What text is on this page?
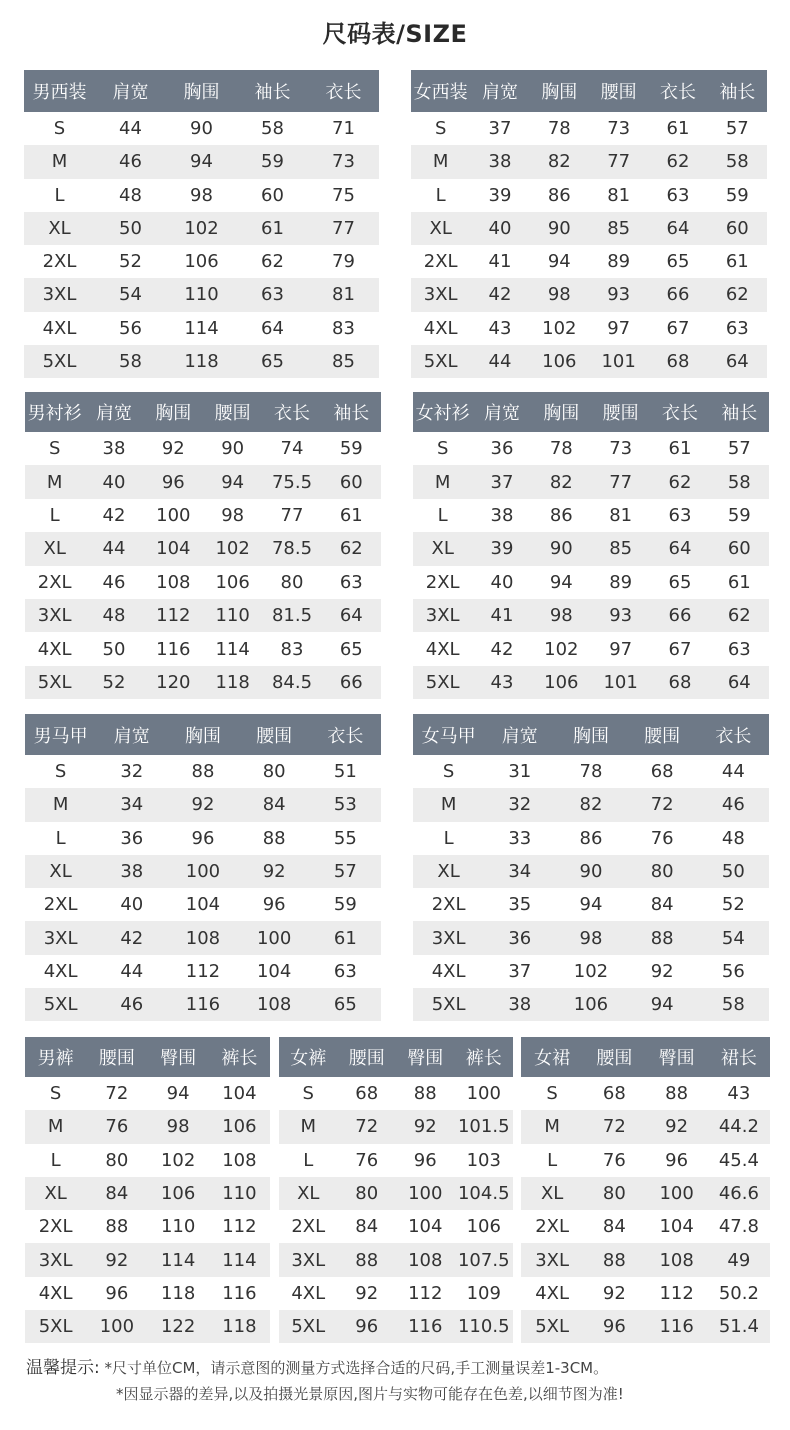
尺码表/SIZE
男西装	肩宽	胸围	袖长	衣长
S	44	90	58	71
M	46	94	59	73
L	48	98	60	75
XL	50	102	61	77
2XL	52	106	62	79
3XL	54	110	63	81
4XL	56	114	64	83
5XL	58	118	65	85
女西装	肩宽	胸围	腰围	衣长	袖长
S	37	78	73	61	57
M	38	82	77	62	58
L	39	86	81	63	59
XL	40	90	85	64	60
2XL	41	94	89	65	61
3XL	42	98	93	66	62
4XL	43	102	97	67	63
5XL	44	106	101	68	64
男衬衫	肩宽	胸围	腰围	衣长	袖长
S	38	92	90	74	59
M	40	96	94	75.5	60
L	42	100	98	77	61
XL	44	104	102	78.5	62
2XL	46	108	106	80	63
3XL	48	112	110	81.5	64
4XL	50	116	114	83	65
5XL	52	120	118	84.5	66
女衬衫	肩宽	胸围	腰围	衣长	袖长
S	36	78	73	61	57
M	37	82	77	62	58
L	38	86	81	63	59
XL	39	90	85	64	60
2XL	40	94	89	65	61
3XL	41	98	93	66	62
4XL	42	102	97	67	63
5XL	43	106	101	68	64
男马甲	肩宽	胸围	腰围	衣长
S	32	88	80	51
M	34	92	84	53
L	36	96	88	55
XL	38	100	92	57
2XL	40	104	96	59
3XL	42	108	100	61
4XL	44	112	104	63
5XL	46	116	108	65
女马甲	肩宽	胸围	腰围	衣长
S	31	78	68	44
M	32	82	72	46
L	33	86	76	48
XL	34	90	80	50
2XL	35	94	84	52
3XL	36	98	88	54
4XL	37	102	92	56
5XL	38	106	94	58
男裤	腰围	臀围	裤长
S	72	94	104
M	76	98	106
L	80	102	108
XL	84	106	110
2XL	88	110	112
3XL	92	114	114
4XL	96	118	116
5XL	100	122	118
女裤	腰围	臀围	裤长
S	68	88	100
M	72	92	101.5
L	76	96	103
XL	80	100	104.5
2XL	84	104	106
3XL	88	108	107.5
4XL	92	112	109
5XL	96	116	110.5
女裙	腰围	臀围	裙长
S	68	88	43
M	72	92	44.2
L	76	96	45.4
XL	80	100	46.6
2XL	84	104	47.8
3XL	88	108	49
4XL	92	112	50.2
5XL	96	116	51.4
温馨提示: *尺寸单位CM，请示意图的测量方式选择合适的尺码,手工测量误差1-3CM。
*因显示器的差异,以及拍摄光景原因,图片与实物可能存在色差,以细节图为准!
